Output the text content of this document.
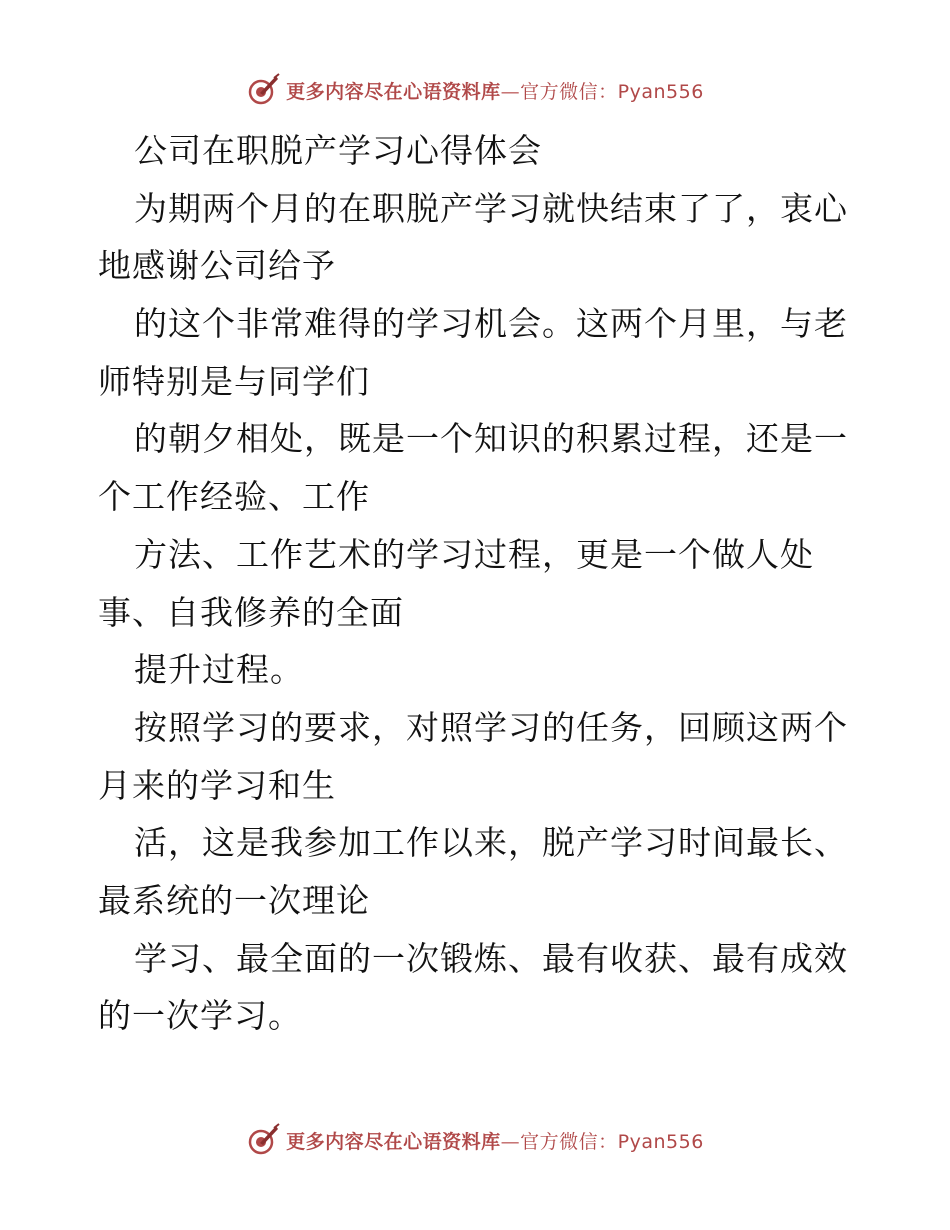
更多内容尽在心语资料库—官方微信：Pyan556
公司在职脱产学习心得体会
为期两个月的在职脱产学习就快结束了了，衷心
地感谢公司给予
的这个非常难得的学习机会。这两个月里，与老
师特别是与同学们
的朝夕相处，既是一个知识的积累过程，还是一
个工作经验、工作
方法、工作艺术的学习过程，更是一个做人处
事、自我修养的全面
提升过程。
按照学习的要求，对照学习的任务，回顾这两个
月来的学习和生
活，这是我参加工作以来，脱产学习时间最长、
最系统的一次理论
学习、最全面的一次锻炼、最有收获、最有成效
的一次学习。
更多内容尽在心语资料库—官方微信：Pyan556
